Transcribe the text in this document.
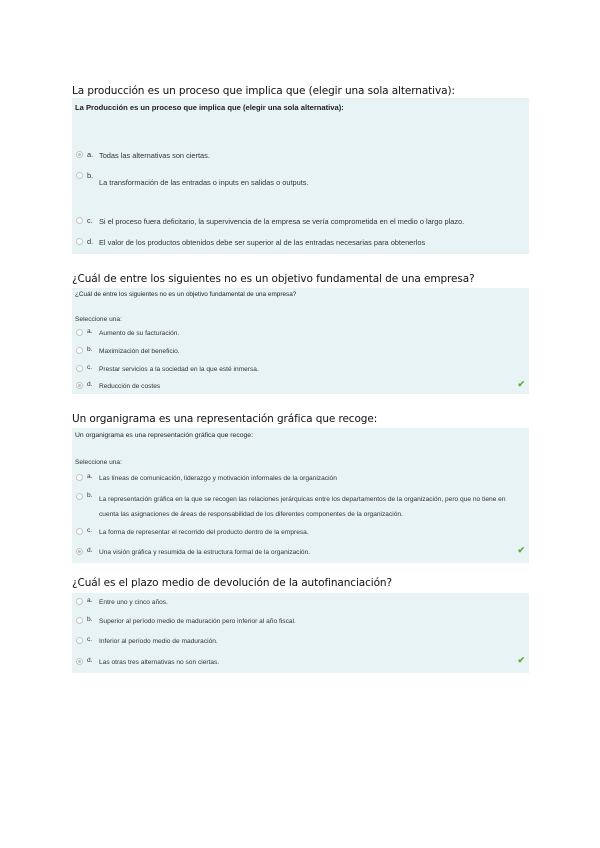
La producción es un proceso que implica que (elegir una sola alternativa):
La Producción es un proceso que implica que (elegir una sola alternativa):
a. Todas las alternativas son ciertas.
b.
La transformación de las entradas o inputs en salidas o outputs.
c. Si el proceso fuera deficitario, la supervivencia de la empresa se vería comprometida en el medio o largo plazo.
d. El valor de los productos obtenidos debe ser superior al de las entradas necesarias para obtenerlos
¿Cuál de entre los siguientes no es un objetivo fundamental de una empresa?
¿Cuál de entre los siguientes no es un objetivo fundamental de una empresa?
Seleccione una:
a. Aumento de su facturación.
b. Maximización del beneficio.
c.	Prestar servicios a la sociedad en la que esté inmersa.
d. Reducción de costes	✔
Un organigrama es una representación gráfica que recoge:
Un organigrama es una representación gráfica que recoge:
Seleccione una:
a. Las líneas de comunicación, liderazgo y motivación informales de la organización
b.
La representación gráfica en la que se recogen las relaciones jerárquicas entre los departamentos de la organización, pero que no tiene en cuenta las asignaciones de áreas de responsabilidad de los diferentes componentes de la organización.
c.	La forma de representar el recorrido del producto dentro de la empresa.
d. Una visión gráfica y resumida de la estructura formal de la organización.	✔
¿Cuál es el plazo medio de devolución de la autofinanciación?
a. Entre uno y cinco años.
b. Superior al período medio de maduración pero inferior al año fiscal.
c.	Inferior al período medio de maduración.
d. Las otras tres alternativas no son ciertas.	✔
